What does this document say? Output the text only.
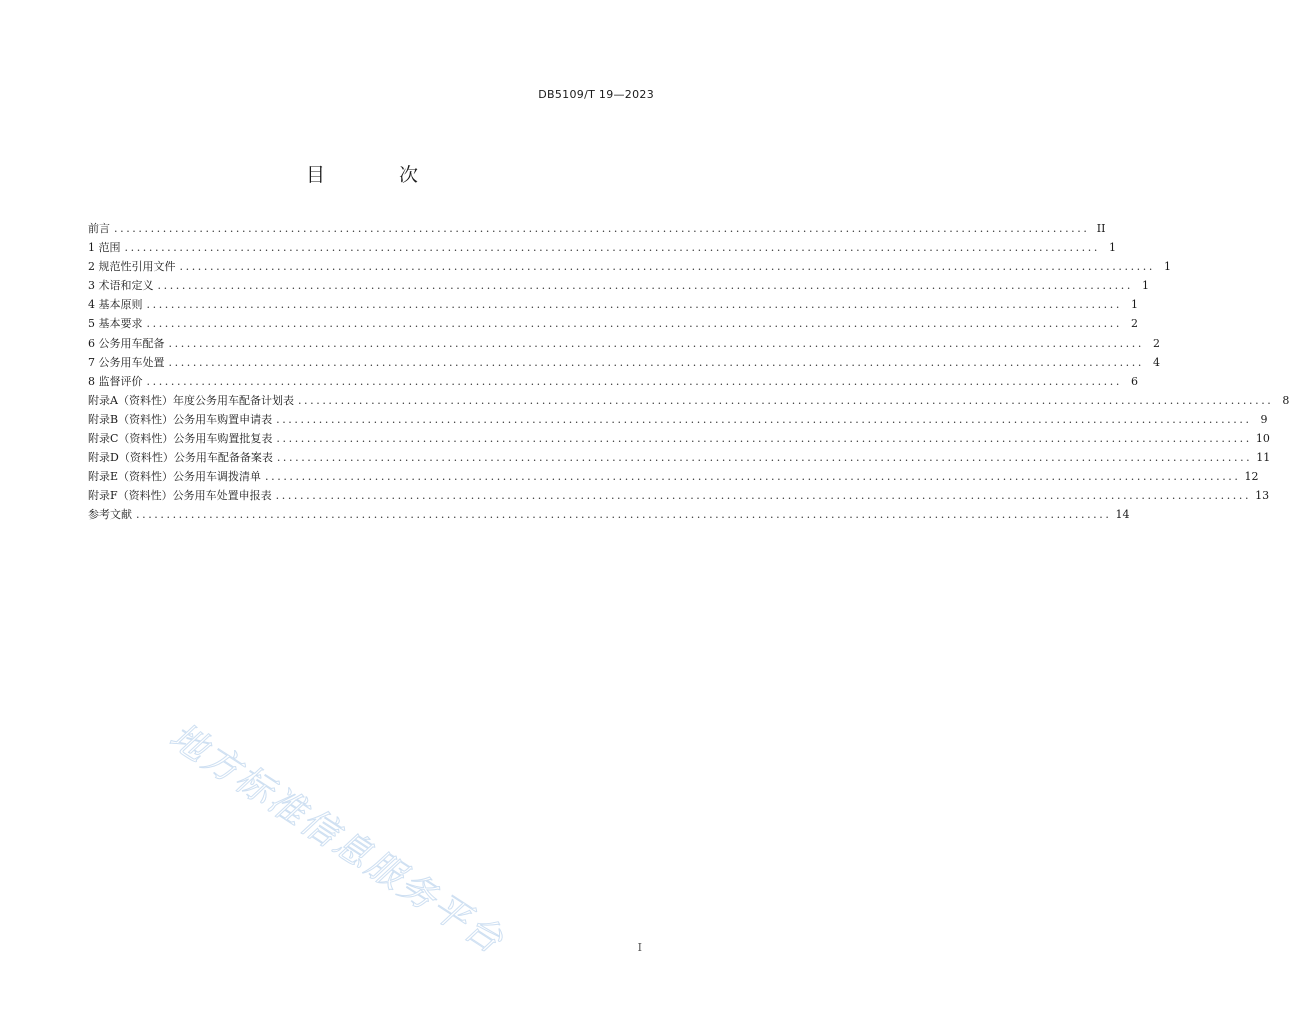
DB5109/T 19—2023
目 次
前言 ................................................................................................................................................................ II
1 范围 ................................................................................................................................................................ 1
2 规范性引用文件 ................................................................................................................................................................ 1
3 术语和定义 ................................................................................................................................................................ 1
4 基本原则 ................................................................................................................................................................ 1
5 基本要求 ................................................................................................................................................................ 2
6 公务用车配备 ................................................................................................................................................................ 2
7 公务用车处置 ................................................................................................................................................................ 4
8 监督评价 ................................................................................................................................................................ 6
附录A（资料性）年度公务用车配备计划表 ................................................................................................................................................................ 8
附录B（资料性）公务用车购置申请表 ................................................................................................................................................................ 9
附录C（资料性）公务用车购置批复表 ................................................................................................................................................................ 10
附录D（资料性）公务用车配备备案表 ................................................................................................................................................................ 11
附录E（资料性）公务用车调拨清单 ................................................................................................................................................................ 12
附录F（资料性）公务用车处置申报表 ................................................................................................................................................................ 13
参考文献 ................................................................................................................................................................ 14
地方标准信息服务平台	I
